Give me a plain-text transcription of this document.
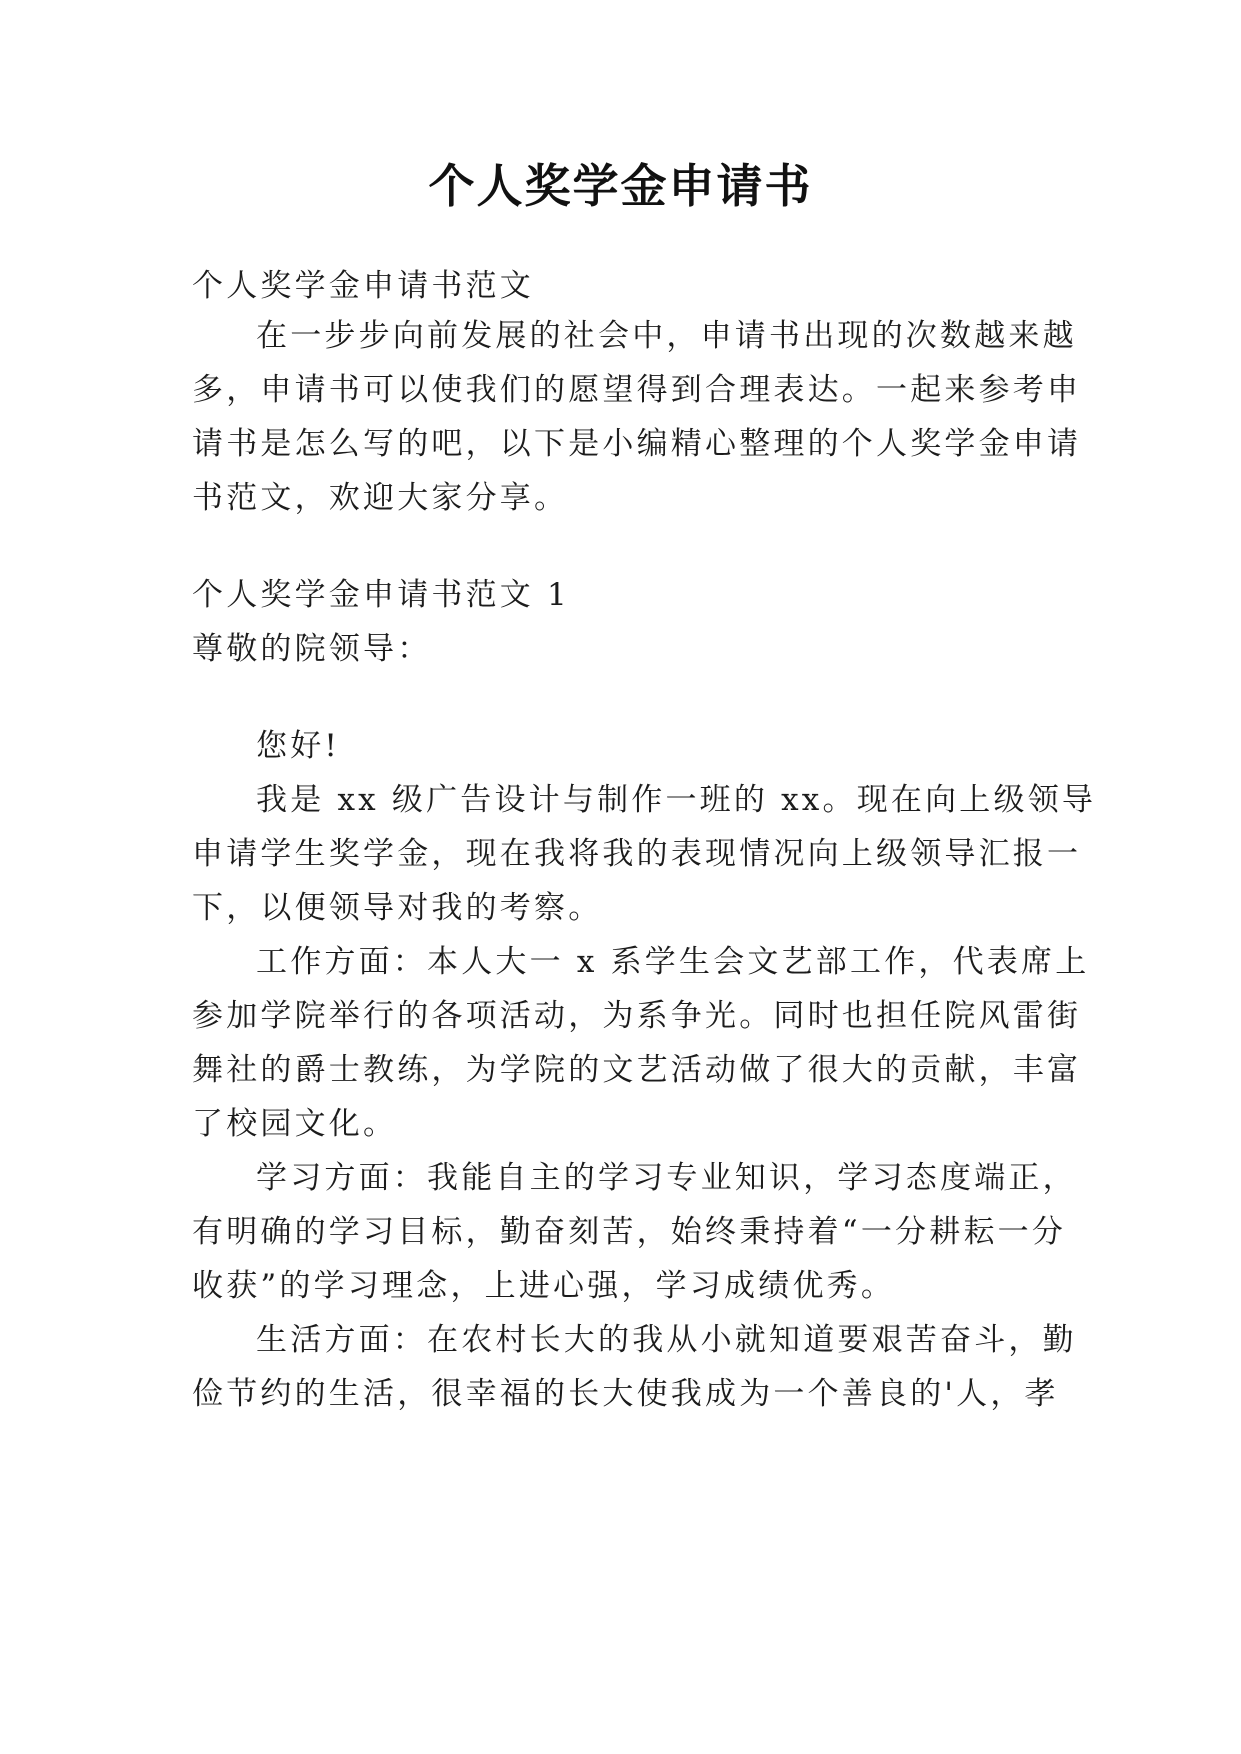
个人奖学金申请书
个人奖学金申请书范文
在一步步向前发展的社会中，申请书出现的次数越来越
多，申请书可以使我们的愿望得到合理表达。一起来参考申
请书是怎么写的吧，以下是小编精心整理的个人奖学金申请
书范文，欢迎大家分享。
个人奖学金申请书范文 1
尊敬的院领导：
您好!
我是 xx 级广告设计与制作一班的 xx。现在向上级领导
申请学生奖学金，现在我将我的表现情况向上级领导汇报一
下，以便领导对我的考察。
工作方面：本人大一 x 系学生会文艺部工作，代表席上
参加学院举行的各项活动，为系争光。同时也担任院风雷街
舞社的爵士教练，为学院的文艺活动做了很大的贡献，丰富
了校园文化。
学习方面：我能自主的学习专业知识，学习态度端正，
有明确的学习目标，勤奋刻苦，始终秉持着“一分耕耘一分
收获”的学习理念，上进心强，学习成绩优秀。
生活方面：在农村长大的我从小就知道要艰苦奋斗，勤
俭节约的生活，很幸福的长大使我成为一个善良的'人，孝
